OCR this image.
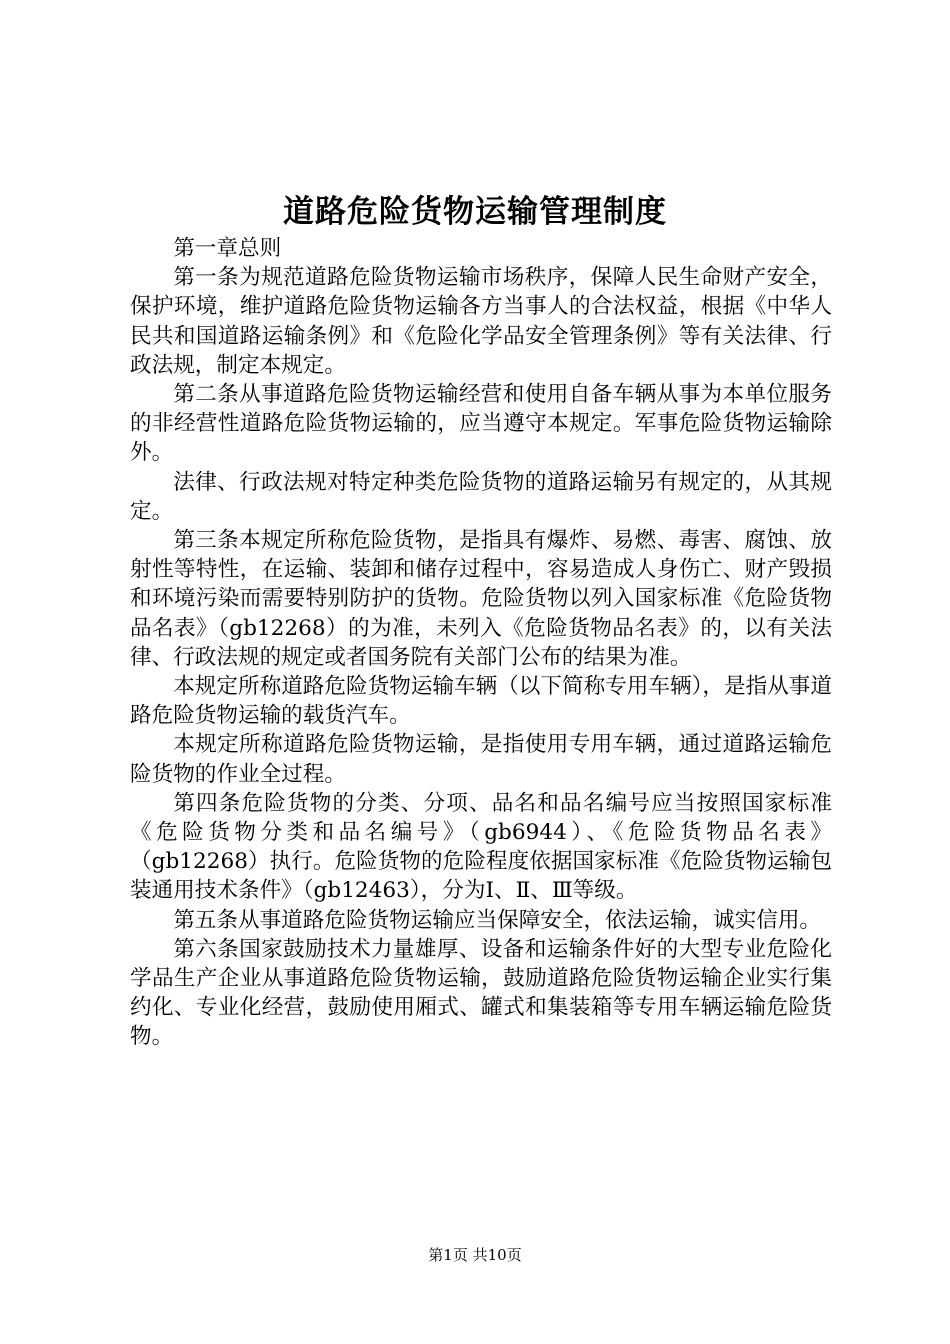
道路危险货物运输管理制度

第一章总则

第一条为规范道路危险货物运输市场秩序，保障人民生命财产安全，保护环境，维护道路危险货物运输各方当事人的合法权益，根据《中华人民共和国道路运输条例》和《危险化学品安全管理条例》等有关法律、行政法规，制定本规定。

第二条从事道路危险货物运输经营和使用自备车辆从事为本单位服务的非经营性道路危险货物运输的，应当遵守本规定。军事危险货物运输除外。

法律、行政法规对特定种类危险货物的道路运输另有规定的，从其规定。

第三条本规定所称危险货物，是指具有爆炸、易燃、毒害、腐蚀、放射性等特性，在运输、装卸和储存过程中，容易造成人身伤亡、财产毁损和环境污染而需要特别防护的货物。危险货物以列入国家标准《危险货物品名表》（gb12268）的为准，未列入《危险货物品名表》的，以有关法律、行政法规的规定或者国务院有关部门公布的结果为准。

本规定所称道路危险货物运输车辆（以下简称专用车辆），是指从事道路危险货物运输的载货汽车。

本规定所称道路危险货物运输，是指使用专用车辆，通过道路运输危险货物的作业全过程。

第四条危险货物的分类、分项、品名和品名编号应当按照国家标准《危险货物分类和品名编号》（gb6944）、《危险货物品名表》（gb12268）执行。危险货物的危险程度依据国家标准《危险货物运输包装通用技术条件》（gb12463），分为Ⅰ、Ⅱ、Ⅲ等级。

第五条从事道路危险货物运输应当保障安全，依法运输，诚实信用。

第六条国家鼓励技术力量雄厚、设备和运输条件好的大型专业危险化学品生产企业从事道路危险货物运输，鼓励道路危险货物运输企业实行集约化、专业化经营，鼓励使用厢式、罐式和集装箱等专用车辆运输危险货物。

第1页 共10页
